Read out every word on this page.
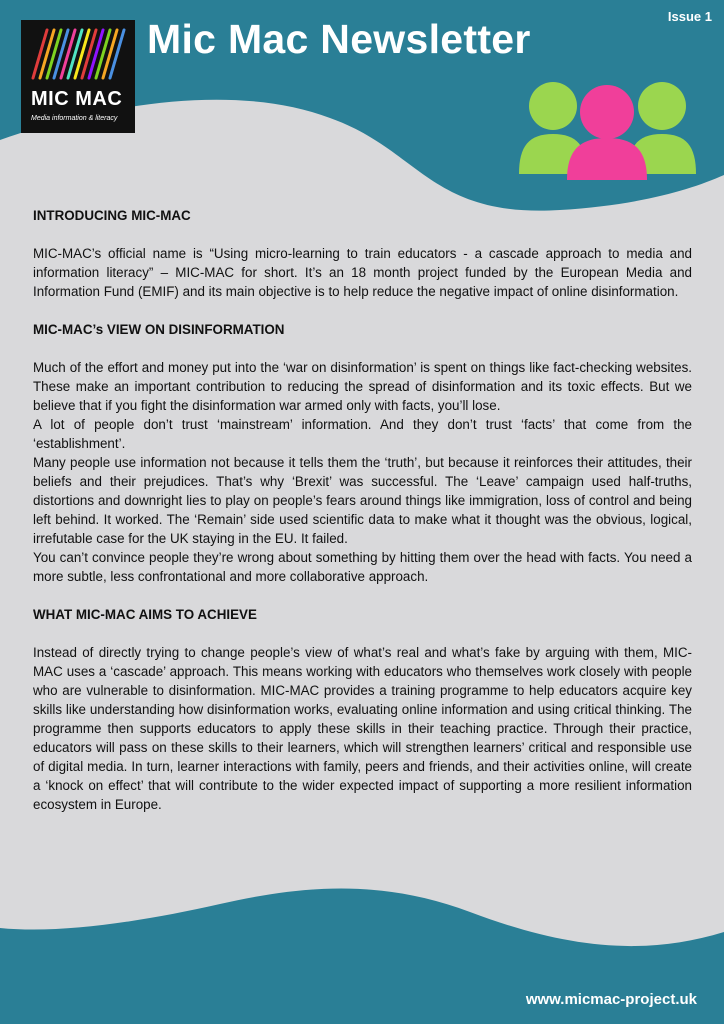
Issue 1
Mic Mac Newsletter
MIC MAC
Media information & literacy
INTRODUCING MIC-MAC

MIC-MAC’s official name is “Using micro-learning to train educators - a cascade approach to media and information literacy” – MIC-MAC for short. It’s an 18 month project funded by the European Media and Information Fund (EMIF) and its main objective is to help reduce the negative impact of online disinformation.

MIC-MAC’s VIEW ON DISINFORMATION

Much of the effort and money put into the ‘war on disinformation’ is spent on things like fact-checking websites. These make an important contribution to reducing the spread of disinformation and its toxic effects. But we believe that if you fight the disinformation war armed only with facts, you’ll lose.

A lot of people don’t trust ‘mainstream’ information. And they don’t trust ‘facts’ that come from the ‘establishment’.

Many people use information not because it tells them the ‘truth’, but because it reinforces their attitudes, their beliefs and their prejudices. That’s why ‘Brexit’ was successful. The ‘Leave’ campaign used half-truths, distortions and downright lies to play on people’s fears around things like immigration, loss of control and being left behind. It worked. The ‘Remain’ side used scientific data to make what it thought was the obvious, logical, irrefutable case for the UK staying in the EU. It failed.

You can’t convince people they’re wrong about something by hitting them over the head with facts. You need a more subtle, less confrontational and more collaborative approach.

WHAT MIC-MAC AIMS TO ACHIEVE

Instead of directly trying to change people’s view of what’s real and what’s fake by arguing with them, MIC-MAC uses a ‘cascade’ approach. This means working with educators who themselves work closely with people who are vulnerable to disinformation. MIC-MAC provides a training programme to help educators acquire key skills like understanding how disinformation works, evaluating online information and using critical thinking. The programme then supports educators to apply these skills in their teaching practice. Through their practice, educators will pass on these skills to their learners, which will strengthen learners’ critical and responsible use of digital media. In turn, learner interactions with family, peers and friends, and their activities online, will create a ‘knock on effect’ that will contribute to the wider expected impact of supporting a more resilient information ecosystem in Europe.

www.micmac-project.uk
